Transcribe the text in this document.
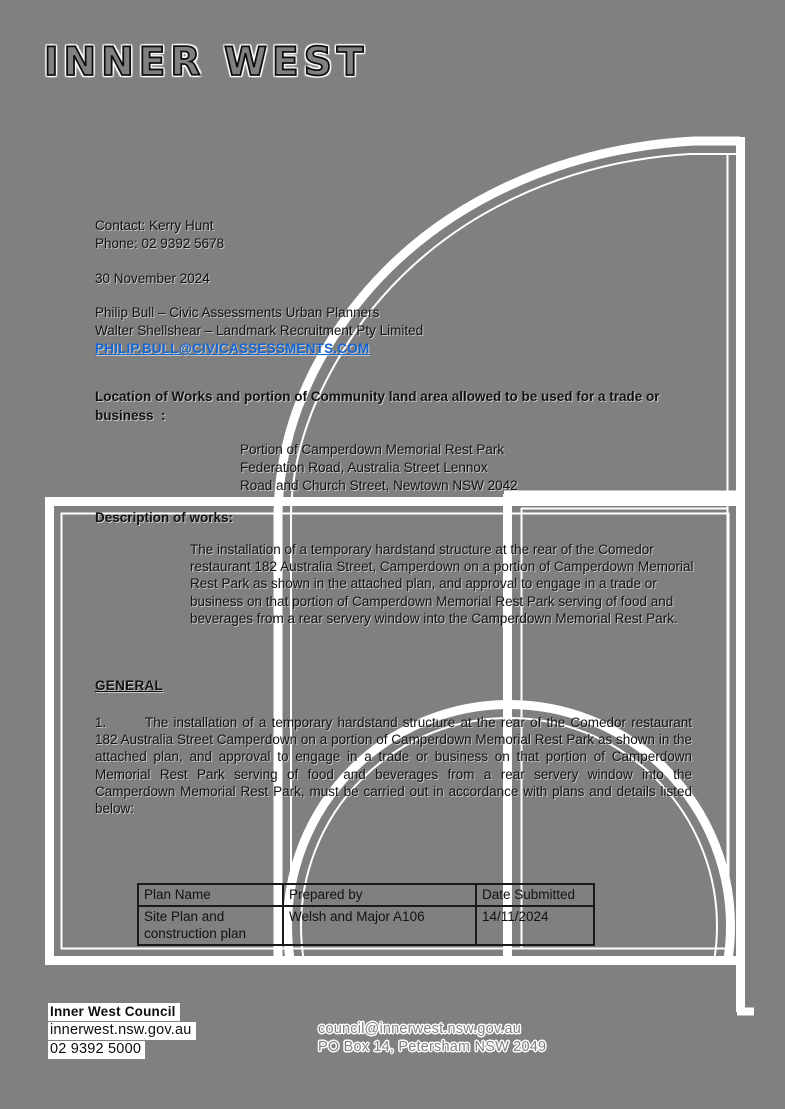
INNER WEST
Contact: Kerry Hunt
Phone: 02 9392 5678
30 November 2024
Philip Bull – Civic Assessments Urban Planners
Walter Shellshear – Landmark Recruitment Pty Limited
PHILIP.BULL@CIVICASSESSMENTS.COM
Location of Works and portion of Community land area allowed to be used for a trade or business  :
Portion of Camperdown Memorial Rest Park
Federation Road, Australia Street Lennox
Road and Church Street, Newtown NSW 2042
Description of works:
The installation of a temporary hardstand structure at the rear of the Comedor restaurant 182 Australia Street, Camperdown on a portion of Camperdown Memorial Rest Park as shown in the attached plan, and approval to engage in a trade or business on that portion of Camperdown Memorial Rest Park serving of food and beverages from a rear servery window into the Camperdown Memorial Rest Park.
GENERAL
1.	The installation of a temporary hardstand structure at the rear of the Comedor restaurant 182 Australia Street Camperdown on a portion of Camperdown Memorial Rest Park as shown in the attached plan, and approval to engage in a trade or business on that portion of Camperdown Memorial Rest Park serving of food and beverages from a rear servery window into the Camperdown Memorial Rest Park, must be carried out in accordance with plans and details listed below:
Plan Name	Prepared by	Date Submitted
Site Plan and construction plan	Welsh and Major A106	14/11/2024
Inner West Council
innerwest.nsw.gov.au
02 9392 5000
council@innerwest.nsw.gov.au
PO Box 14, Petersham NSW 2049
